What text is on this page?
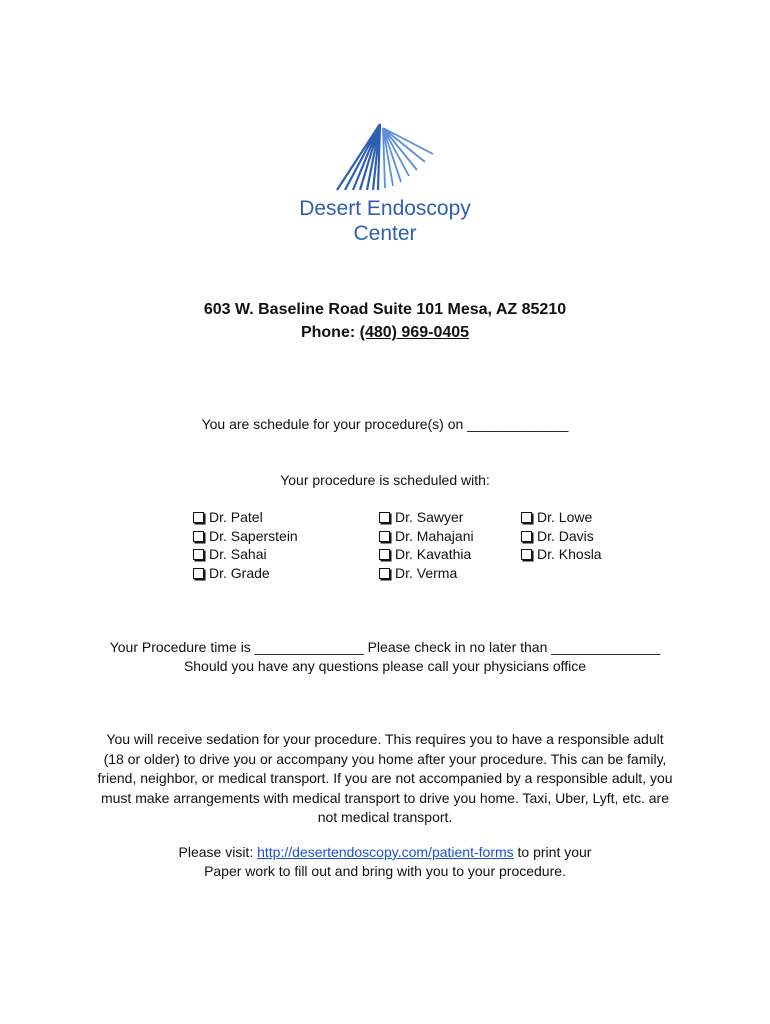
Desert Endoscopy
Center
603 W. Baseline Road Suite 101 Mesa, AZ 85210
Phone: (480) 969-0405
You are schedule for your procedure(s) on _____________
Your procedure is scheduled with:
Dr. Patel
Dr. Saperstein
Dr. Sahai
Dr. Grade
Dr. Sawyer
Dr. Mahajani
Dr. Kavathia
Dr. Verma
Dr. Lowe
Dr. Davis
Dr. Khosla
Your Procedure time is ______________ Please check in no later than ______________
Should you have any questions please call your physicians office
You will receive sedation for your procedure. This requires you to have a responsible adult (18 or older) to drive you or accompany you home after your procedure. This can be family, friend, neighbor, or medical transport. If you are not accompanied by a responsible adult, you must make arrangements with medical transport to drive you home. Taxi, Uber, Lyft, etc. are not medical transport.
Please visit: http://desertendoscopy.com/patient-forms to print your
Paper work to fill out and bring with you to your procedure.
